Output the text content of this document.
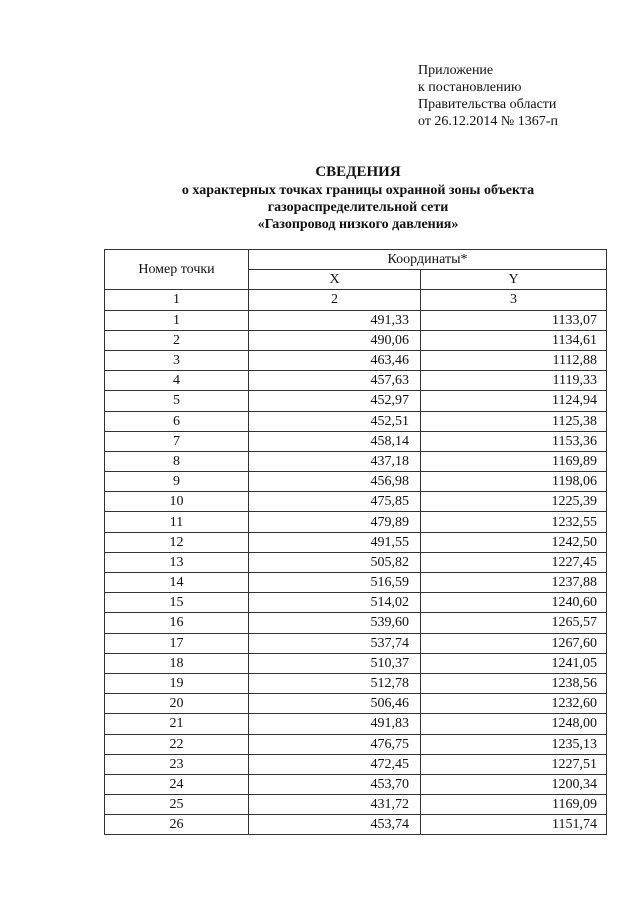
Приложение
к постановлению
Правительства области
от 26.12.2014 № 1367-п
СВЕДЕНИЯ
о характерных точках границы охранной зоны объекта
газораспределительной сети
«Газопровод низкого давления»
Номер точки	Координаты*	
	X	Y
1	2	3
1	491,33	1133,07
2	490,06	1134,61
3	463,46	1112,88
4	457,63	1119,33
5	452,97	1124,94
6	452,51	1125,38
7	458,14	1153,36
8	437,18	1169,89
9	456,98	1198,06
10	475,85	1225,39
11	479,89	1232,55
12	491,55	1242,50
13	505,82	1227,45
14	516,59	1237,88
15	514,02	1240,60
16	539,60	1265,57
17	537,74	1267,60
18	510,37	1241,05
19	512,78	1238,56
20	506,46	1232,60
21	491,83	1248,00
22	476,75	1235,13
23	472,45	1227,51
24	453,70	1200,34
25	431,72	1169,09
26	453,74	1151,74
